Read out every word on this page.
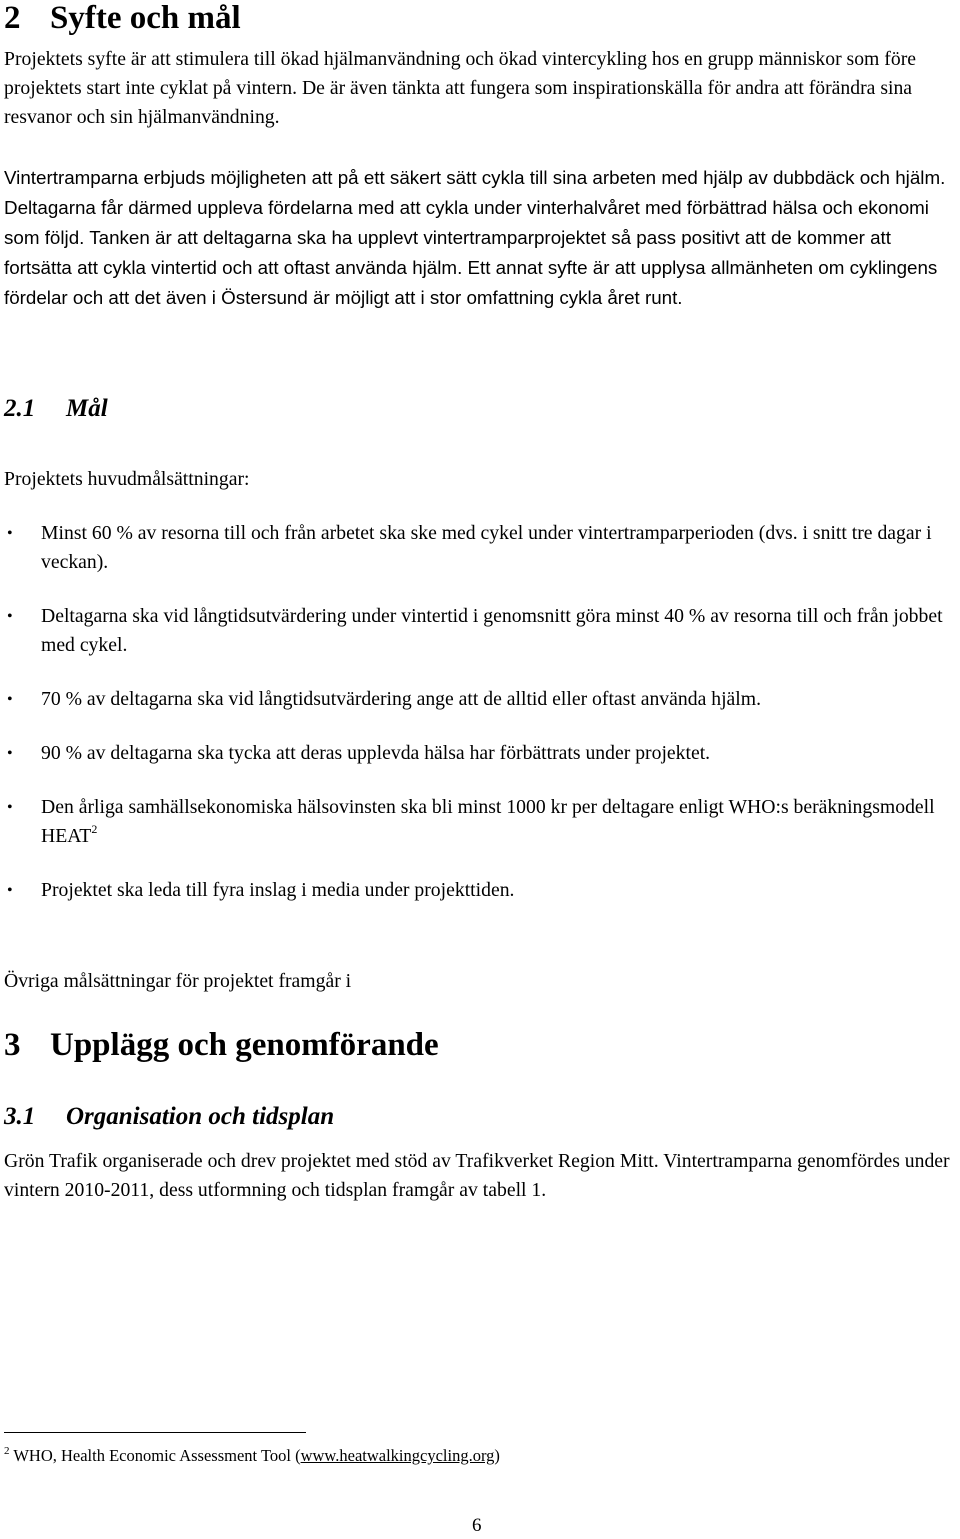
2 Syfte och mål

Projektets syfte är att stimulera till ökad hjälmanvändning och ökad vintercykling hos en grupp människor som före projektets start inte cyklat på vintern. De är även tänkta att fungera som inspirationskälla för andra att förändra sina resvanor och sin hjälmanvändning.

Vintertramparna erbjuds möjligheten att på ett säkert sätt cykla till sina arbeten med hjälp av dubbdäck och hjälm. Deltagarna får därmed uppleva fördelarna med att cykla under vinterhalvåret med förbättrad hälsa och ekonomi som följd. Tanken är att deltagarna ska ha upplevt vintertramparprojektet så pass positivt att de kommer att fortsätta att cykla vintertid och att oftast använda hjälm. Ett annat syfte är att upplysa allmänheten om cyklingens fördelar och att det även i Östersund är möjligt att i stor omfattning cykla året runt.

2.1 Mål

Projektets huvudmålsättningar:

• Minst 60 % av resorna till och från arbetet ska ske med cykel under vintertramparperioden (dvs. i snitt tre dagar i veckan).
• Deltagarna ska vid långtidsutvärdering under vintertid i genomsnitt göra minst 40 % av resorna till och från jobbet med cykel.
• 70 % av deltagarna ska vid långtidsutvärdering ange att de alltid eller oftast använda hjälm.
• 90 % av deltagarna ska tycka att deras upplevda hälsa har förbättrats under projektet.
• Den årliga samhällsekonomiska hälsovinsten ska bli minst 1000 kr per deltagare enligt WHO:s beräkningsmodell HEAT$^2$
• Projektet ska leda till fyra inslag i media under projekttiden.

Övriga målsättningar för projektet framgår i

3 Upplägg och genomförande
3.1 Organisation och tidsplan

Grön Trafik organiserade och drev projektet med stöd av Trafikverket Region Mitt. Vintertramparna genomfördes under vintern 2010-2011, dess utformning och tidsplan framgår av tabell 1.

$^2$ WHO, Health Economic Assessment Tool (www.heatwalkingcycling.org)
6
